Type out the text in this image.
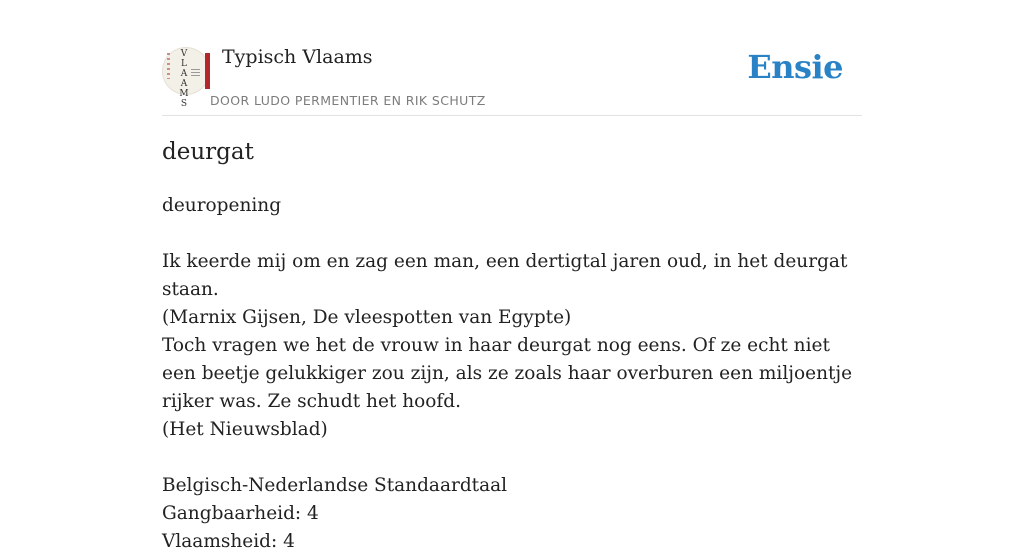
V
L
A
A
M
S
Typisch Vlaams
DOOR LUDO PERMENTIER EN RIK SCHUTZ
Ensie
deurgat

deuropening

Ik keerde mij om en zag een man, een dertigtal jaren oud, in het deurgat staan.

(Marnix Gijsen, De vleespotten van Egypte)

Toch vragen we het de vrouw in haar deurgat nog eens. Of ze echt niet een beetje gelukkiger zou zijn, als ze zoals haar overburen een miljoentje rijker was. Ze schudt het hoofd.

(Het Nieuwsblad)

Belgisch-Nederlandse Standaardtaal

Gangbaarheid: 4

Vlaamsheid: 4
